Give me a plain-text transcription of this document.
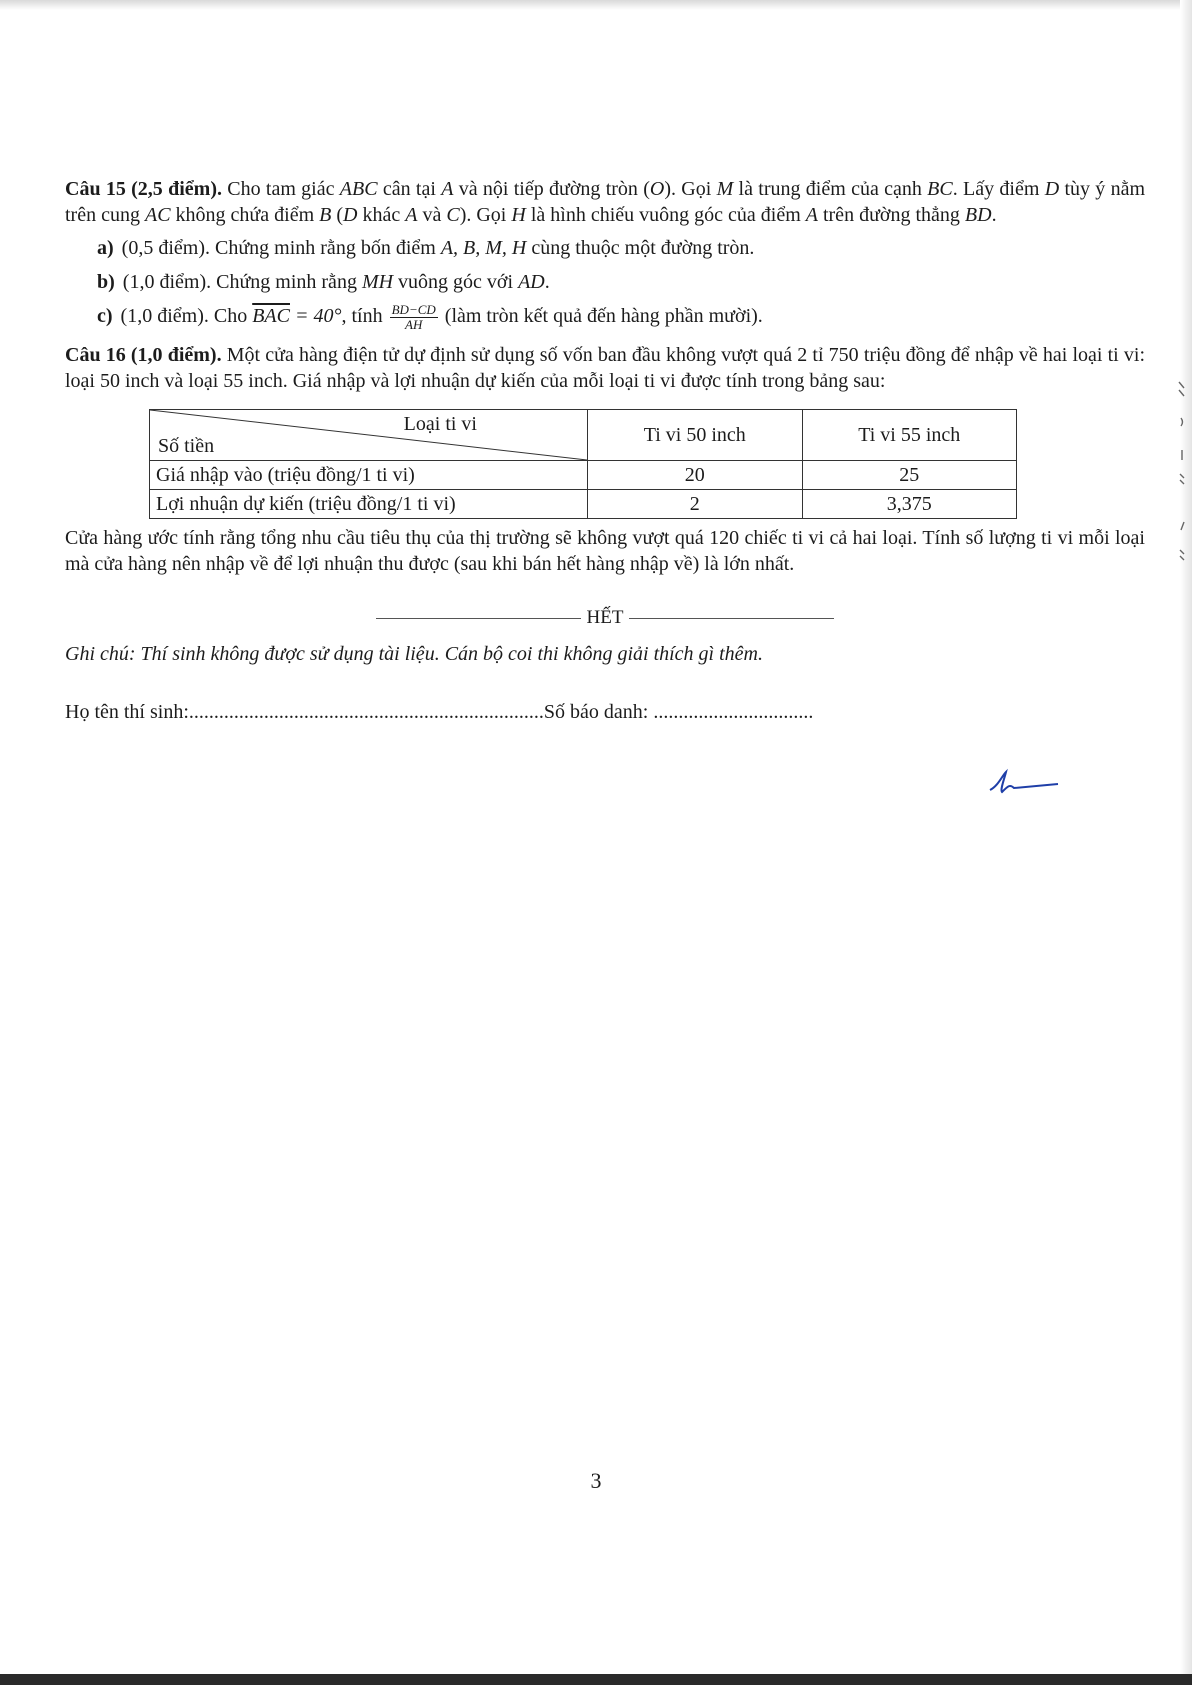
Câu 15 (2,5 điểm). Cho tam giác ABC cân tại A và nội tiếp đường tròn (O). Gọi M là trung điểm của cạnh BC. Lấy điểm D tùy ý nằm trên cung AC không chứa điểm B (D khác A và C). Gọi H là hình chiếu vuông góc của điểm A trên đường thẳng BD.

a) (0,5 điểm). Chứng minh rằng bốn điểm A, B, M, H cùng thuộc một đường tròn.
b) (1,0 điểm). Chứng minh rằng MH vuông góc với AD.
c) (1,0 điểm). Cho $\overline{BAC} = 40^\circ$, tính $\frac{BD-CD}{AH}$ (làm tròn kết quả đến hàng phần mười).

Câu 16 (1,0 điểm). Một cửa hàng điện tử dự định sử dụng số vốn ban đầu không vượt quá 2 tỉ 750 triệu đồng để nhập về hai loại ti vi: loại 50 inch và loại 55 inch. Giá nhập và lợi nhuận dự kiến của mỗi loại ti vi được tính trong bảng sau:

Loại ti vi
Số tiền	Ti vi 50 inch	Ti vi 55 inch
Giá nhập vào (triệu đồng/1 ti vi)	20	25
Lợi nhuận dự kiến (triệu đồng/1 ti vi)	2	3,375

Cửa hàng ước tính rằng tổng nhu cầu tiêu thụ của thị trường sẽ không vượt quá 120 chiếc ti vi cả hai loại. Tính số lượng ti vi mỗi loại mà cửa hàng nên nhập về để lợi nhuận thu được (sau khi bán hết hàng nhập về) là lớn nhất.

HẾT
Ghi chú: Thí sinh không được sử dụng tài liệu. Cán bộ coi thi không giải thích gì thêm.
Họ tên thí sinh:.......................................................................Số báo danh: ................................
3
